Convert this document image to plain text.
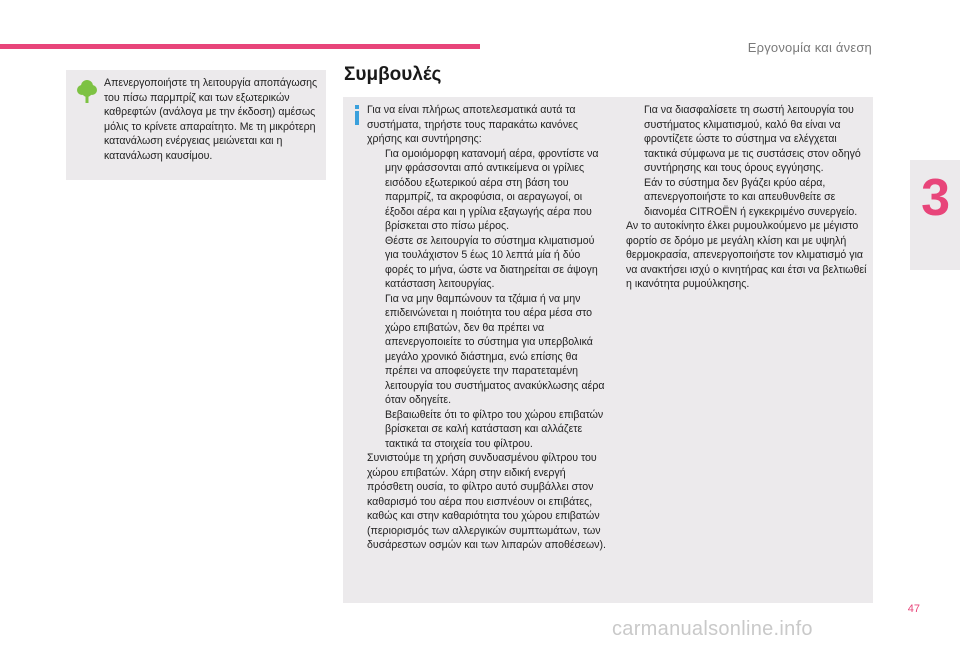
Εργονομία και άνεση
3
Απενεργοποιήστε τη λειτουργία αποπάγωσης του πίσω παρμπρίζ και των εξωτερικών καθρεφτών (ανάλογα με την έκδοση) αμέσως μόλις το κρίνετε απαραίτητο. Με τη μικρότερη κατανάλωση ενέργειας μειώνεται και η κατανάλωση καυσίμου.
Συμβουλές

Για να είναι πλήρως αποτελεσματικά αυτά τα συστήματα, τηρήστε τους παρακάτω κανόνες χρήσης και συντήρησης:

Για ομοιόμορφη κατανομή αέρα, φροντίστε να μην φράσσονται από αντικείμενα οι γρίλιες εισόδου εξωτερικού αέρα στη βάση του παρμπρίζ, τα ακροφύσια, οι αεραγωγοί, οι έξοδοι αέρα και η γρίλια εξαγωγής αέρα που βρίσκεται στο πίσω μέρος.
Θέστε σε λειτουργία το σύστημα κλιματισμού για τουλάχιστον 5 έως 10 λεπτά μία ή δύο φορές το μήνα, ώστε να διατηρείται σε άψογη κατάσταση λειτουργίας.
Για να μην θαμπώνουν τα τζάμια ή να μην επιδεινώνεται η ποιότητα του αέρα μέσα στο χώρο επιβατών, δεν θα πρέπει να απενεργοποιείτε το σύστημα για υπερβολικά μεγάλο χρονικό διάστημα, ενώ επίσης θα πρέπει να αποφεύγετε την παρατεταμένη λειτουργία του συστήματος ανακύκλωσης αέρα όταν οδηγείτε.
Βεβαιωθείτε ότι το φίλτρο του χώρου επιβατών βρίσκεται σε καλή κατάσταση και αλλάζετε τακτικά τα στοιχεία του φίλτρου.

Συνιστούμε τη χρήση συνδυασμένου φίλτρου του χώρου επιβατών. Χάρη στην ειδική ενεργή πρόσθετη ουσία, το φίλτρο αυτό συμβάλλει στον καθαρισμό του αέρα που εισπνέουν οι επιβάτες, καθώς και στην καθαριότητα του χώρου επιβατών (περιορισμός των αλλεργικών συμπτωμάτων, των δυσάρεστων οσμών και των λιπαρών αποθέσεων).

Για να διασφαλίσετε τη σωστή λειτουργία του συστήματος κλιματισμού, καλό θα είναι να φροντίζετε ώστε το σύστημα να ελέγχεται τακτικά σύμφωνα με τις συστάσεις στον οδηγό συντήρησης και τους όρους εγγύησης.
Εάν το σύστημα δεν βγάζει κρύο αέρα, απενεργοποιήστε το και απευθυνθείτε σε διανομέα CITROËN ή εγκεκριμένο συνεργείο.

Αν το αυτοκίνητο έλκει ρυμουλκούμενο με μέγιστο φορτίο σε δρόμο με μεγάλη κλίση και με υψηλή θερμοκρασία, απενεργοποιήστε τον κλιματισμό για να ανακτήσει ισχύ ο κινητήρας και έτσι να βελτιωθεί η ικανότητα ρυμούλκησης.

47
carmanualsonline.info
